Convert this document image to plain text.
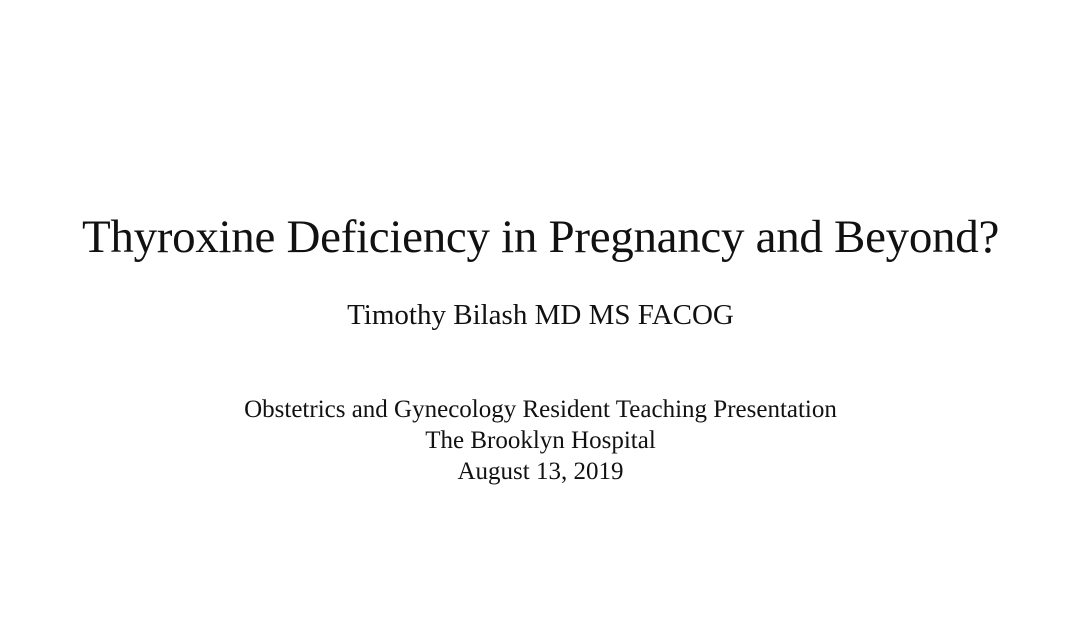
Thyroxine Deficiency in Pregnancy and Beyond?
Timothy Bilash MD MS FACOG
Obstetrics and Gynecology Resident Teaching Presentation
The Brooklyn Hospital
August 13, 2019
